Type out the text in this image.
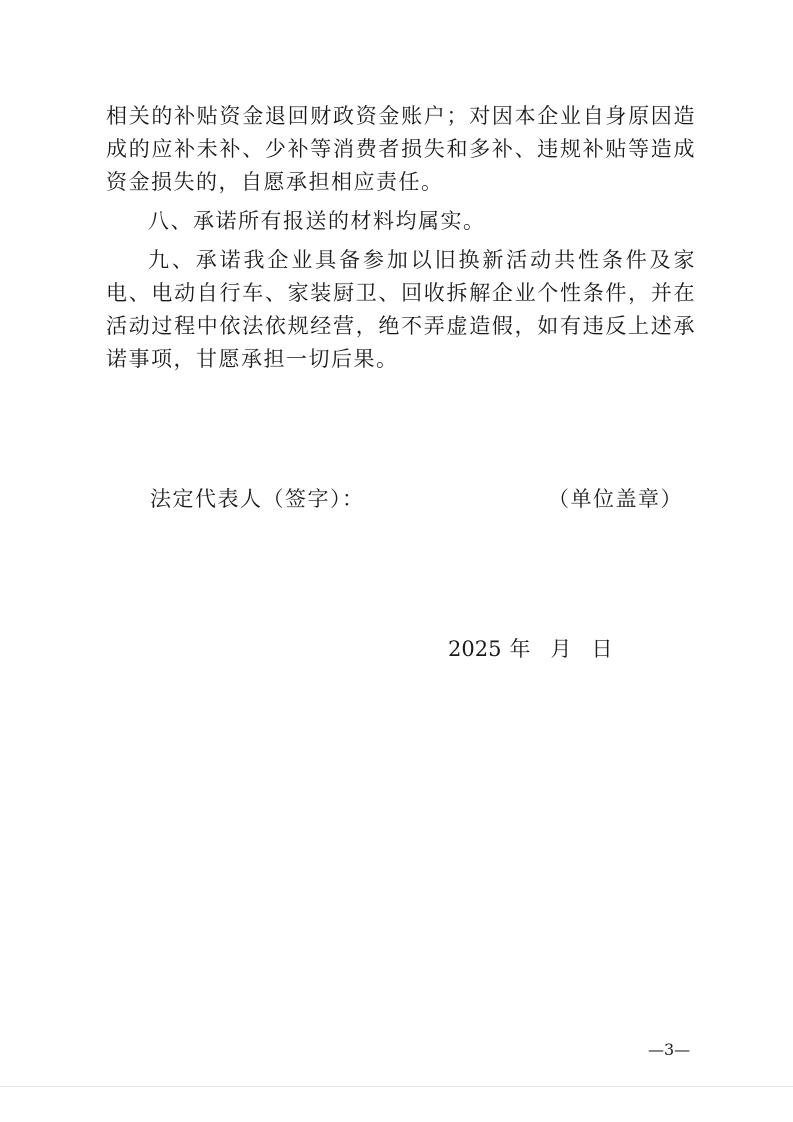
相关的补贴资金退回财政资金账户；对因本企业自身原因造成的应补未补、少补等消费者损失和多补、违规补贴等造成资金损失的，自愿承担相应责任。

八、承诺所有报送的材料均属实。

九、承诺我企业具备参加以旧换新活动共性条件及家电、电动自行车、家装厨卫、回收拆解企业个性条件，并在活动过程中依法依规经营，绝不弄虚造假，如有违反上述承诺事项，甘愿承担一切后果。

法定代表人（签字）：	（单位盖章）
2025 年 月 日
—3—
